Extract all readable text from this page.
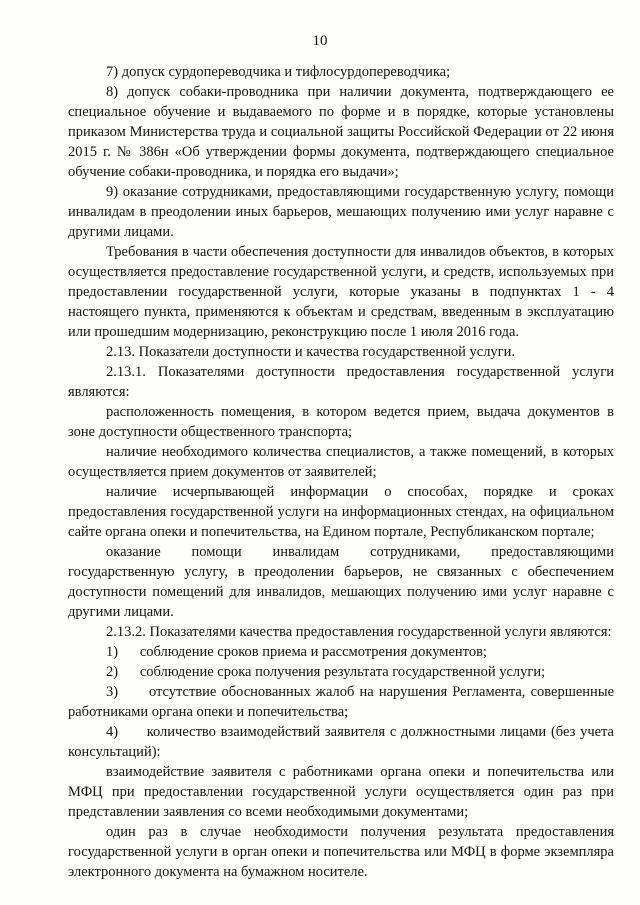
10

7) допуск сурдопереводчика и тифлосурдопереводчика;

8) допуск собаки-проводника при наличии документа, подтверждающего ее специальное обучение и выдаваемого по форме и в порядке, которые установлены приказом Министерства труда и социальной защиты Российской Федерации от 22 июня 2015 г. № 386н «Об утверждении формы документа, подтверждающего специальное обучение собаки-проводника, и порядка его выдачи»;

9) оказание сотрудниками, предоставляющими государственную услугу, помощи инвалидам в преодолении иных барьеров, мешающих получению ими услуг наравне с другими лицами.

Требования в части обеспечения доступности для инвалидов объектов, в которых осуществляется предоставление государственной услуги, и средств, используемых при предоставлении государственной услуги, которые указаны в подпунктах 1 - 4 настоящего пункта, применяются к объектам и средствам, введенным в эксплуатацию или прошедшим модернизацию, реконструкцию после 1 июля 2016 года.

2.13. Показатели доступности и качества государственной услуги.

2.13.1. Показателями доступности предоставления государственной услуги являются:

расположенность помещения, в котором ведется прием, выдача документов в зоне доступности общественного транспорта;

наличие необходимого количества специалистов, а также помещений, в которых осуществляется прием документов от заявителей;

наличие исчерпывающей информации о способах, порядке и сроках предоставления государственной услуги на информационных стендах, на официальном сайте органа опеки и попечительства, на Едином портале, Республиканском портале;

оказание помощи инвалидам сотрудниками, предоставляющими государственную услугу, в преодолении барьеров, не связанных с обеспечением доступности помещений для инвалидов, мешающих получению ими услуг наравне с другими лицами.

2.13.2. Показателями качества предоставления государственной услуги являются:

1) соблюдение сроков приема и рассмотрения документов;

2) соблюдение срока получения результата государственной услуги;

3) отсутствие обоснованных жалоб на нарушения Регламента, совершенные работниками органа опеки и попечительства;

4) количество взаимодействий заявителя с должностными лицами (без учета консультаций):

взаимодействие заявителя с работниками органа опеки и попечительства или МФЦ при предоставлении государственной услуги осуществляется один раз при представлении заявления со всеми необходимыми документами;

один раз в случае необходимости получения результата предоставления государственной услуги в орган опеки и попечительства или МФЦ в форме экземпляра электронного документа на бумажном носителе.
